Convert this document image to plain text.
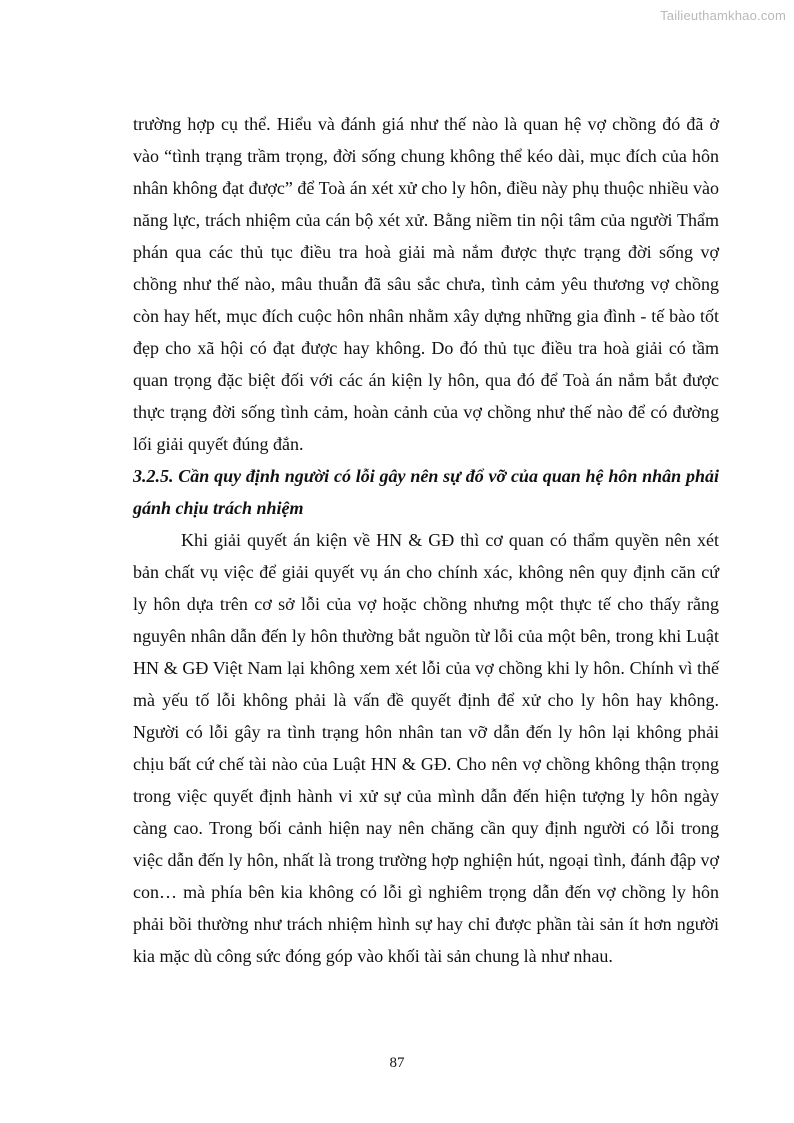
Tailieuthamkhao.com

trường hợp cụ thể. Hiểu và đánh giá như thế nào là quan hệ vợ chồng đó đã ở vào “tình trạng trầm trọng, đời sống chung không thể kéo dài, mục đích của hôn nhân không đạt được” để Toà án xét xử cho ly hôn, điều này phụ thuộc nhiều vào năng lực, trách nhiệm của cán bộ xét xử. Bằng niềm tin nội tâm của người Thẩm phán qua các thủ tục điều tra hoà giải mà nắm được thực trạng đời sống vợ chồng như thế nào, mâu thuẫn đã sâu sắc chưa, tình cảm yêu thương vợ chồng còn hay hết, mục đích cuộc hôn nhân nhằm xây dựng những gia đình - tế bào tốt đẹp cho xã hội có đạt được hay không. Do đó thủ tục điều tra hoà giải có tầm quan trọng đặc biệt đối với các án kiện ly hôn, qua đó để Toà án nắm bắt được thực trạng đời sống tình cảm, hoàn cảnh của vợ chồng như thế nào để có đường lối giải quyết đúng đắn.

3.2.5. Cần quy định người có lỗi gây nên sự đổ vỡ của quan hệ hôn nhân phải gánh chịu trách nhiệm

Khi giải quyết án kiện về HN & GĐ thì cơ quan có thẩm quyền nên xét bản chất vụ việc để giải quyết vụ án cho chính xác, không nên quy định căn cứ ly hôn dựa trên cơ sở lỗi của vợ hoặc chồng nhưng một thực tế cho thấy rằng nguyên nhân dẫn đến ly hôn thường bắt nguồn từ lỗi của một bên, trong khi Luật HN & GĐ Việt Nam lại không xem xét lỗi của vợ chồng khi ly hôn. Chính vì thế mà yếu tố lỗi không phải là vấn đề quyết định để xử cho ly hôn hay không. Người có lỗi gây ra tình trạng hôn nhân tan vỡ dẫn đến ly hôn lại không phải chịu bất cứ chế tài nào của Luật HN & GĐ. Cho nên vợ chồng không thận trọng trong việc quyết định hành vi xử sự của mình dẫn đến hiện tượng ly hôn ngày càng cao. Trong bối cảnh hiện nay nên chăng cần quy định người có lỗi trong việc dẫn đến ly hôn, nhất là trong trường hợp nghiện hút, ngoại tình, đánh đập vợ con… mà phía bên kia không có lỗi gì nghiêm trọng dẫn đến vợ chồng ly hôn phải bồi thường như trách nhiệm hình sự hay chỉ được phần tài sản ít hơn người kia mặc dù công sức đóng góp vào khối tài sản chung là như nhau.

87
